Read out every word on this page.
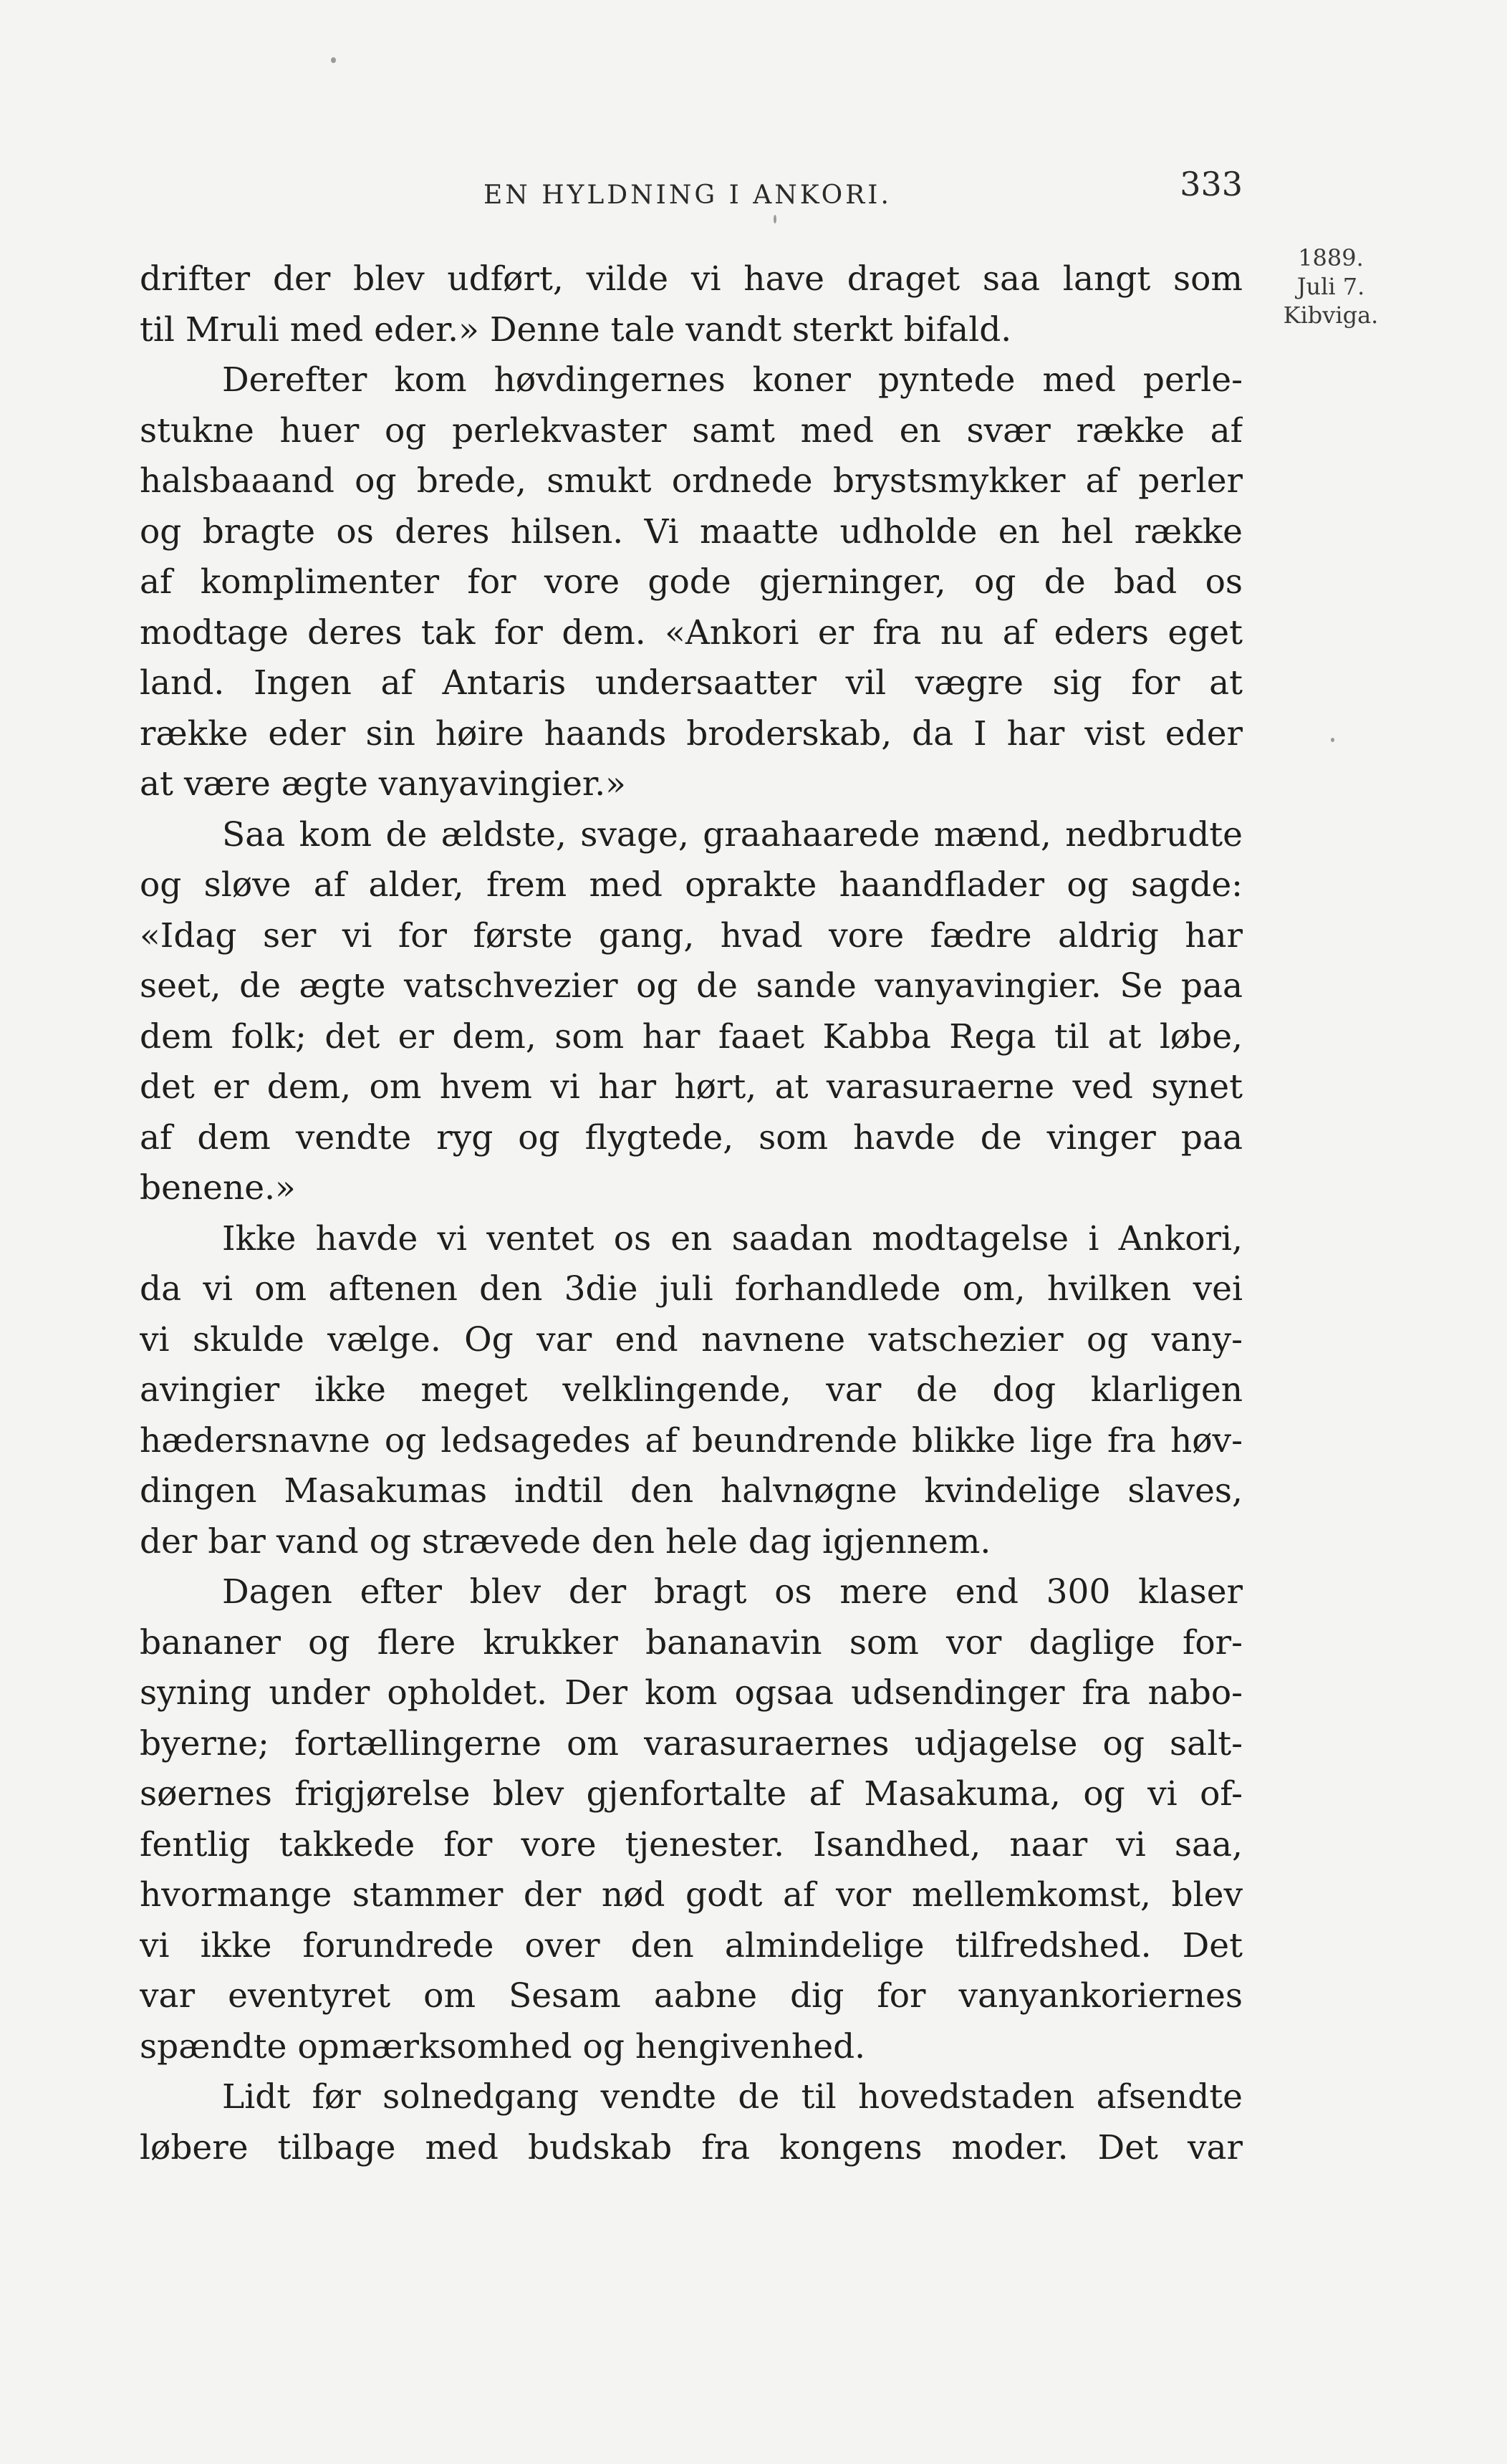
EN HYLDNING I ANKORI.	333
1889.
Juli 7.
Kibviga.
drifter der blev udført, vilde vi have draget saa langt som
til Mruli med eder.» Denne tale vandt sterkt bifald.
Derefter kom høvdingernes koner pyntede med perle-
stukne huer og perlekvaster samt med en svær række af
halsbaaand og brede, smukt ordnede brystsmykker af perler
og bragte os deres hilsen. Vi maatte udholde en hel række
af komplimenter for vore gode gjerninger, og de bad os
modtage deres tak for dem. «Ankori er fra nu af eders eget
land. Ingen af Antaris undersaatter vil vægre sig for at
række eder sin høire haands broderskab, da I har vist eder
at være ægte vanyavingier.»
Saa kom de ældste, svage, graahaarede mænd, nedbrudte
og sløve af alder, frem med oprakte haandflader og sagde:
«Idag ser vi for første gang, hvad vore fædre aldrig har
seet, de ægte vatschvezier og de sande vanyavingier. Se paa
dem folk; det er dem, som har faaet Kabba Rega til at løbe,
det er dem, om hvem vi har hørt, at varasuraerne ved synet
af dem vendte ryg og flygtede, som havde de vinger paa
benene.»
Ikke havde vi ventet os en saadan modtagelse i Ankori,
da vi om aftenen den 3die juli forhandlede om, hvilken vei
vi skulde vælge. Og var end navnene vatschezier og vany-
avingier ikke meget velklingende, var de dog klarligen
hædersnavne og ledsagedes af beundrende blikke lige fra høv-
dingen Masakumas indtil den halvnøgne kvindelige slaves,
der bar vand og strævede den hele dag igjennem.
Dagen efter blev der bragt os mere end 300 klaser
bananer og flere krukker bananavin som vor daglige for-
syning under opholdet. Der kom ogsaa udsendinger fra nabo-
byerne; fortællingerne om varasuraernes udjagelse og salt-
søernes frigjørelse blev gjenfortalte af Masakuma, og vi of-
fentlig takkede for vore tjenester. Isandhed, naar vi saa,
hvormange stammer der nød godt af vor mellemkomst, blev
vi ikke forundrede over den almindelige tilfredshed. Det
var eventyret om Sesam aabne dig for vanyankoriernes
spændte opmærksomhed og hengivenhed.
Lidt før solnedgang vendte de til hovedstaden afsendte
løbere tilbage med budskab fra kongens moder. Det var
